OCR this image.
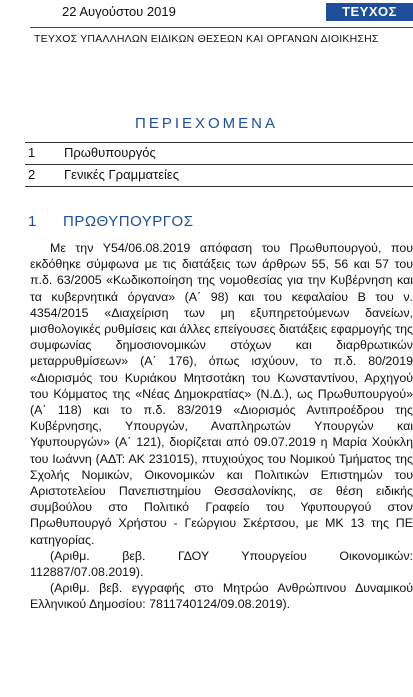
22 Αυγούστου 2019	ΤΕΥΧΟΣ
ΤΕΥΧΟΣ ΥΠΑΛΛΗΛΩΝ ΕΙΔΙΚΩΝ ΘΕΣΕΩΝ ΚΑΙ ΟΡΓΑΝΩΝ ΔΙΟΙΚΗΣΗΣ
ΠΕΡΙΕΧΟΜΕΝΑ
1 Πρωθυπουργός
2 Γενικές Γραμματείες
1 ΠΡΩΘΥΠΟΥΡΓΟΣ

Με την Υ54/06.08.2019 απόφαση του Πρωθυπουργού, που εκδόθηκε σύμφωνα με τις διατάξεις των άρθρων 55, 56 και 57 του π.δ. 63/2005 «Κωδικοποίηση της νομοθεσίας για την Κυβέρνηση και τα κυβερνητικά όργανα» (Α΄ 98) και του κεφαλαίου Β του ν. 4354/2015 «Διαχείριση των μη εξυπηρετούμενων δανείων, μισθολογικές ρυθμίσεις και άλλες επείγουσες διατάξεις εφαρμογής της συμφωνίας δημοσιονομικών στόχων και διαρθρωτικών μεταρρυθμίσεων» (Α΄ 176), όπως ισχύουν, το π.δ. 80/2019 «Διορισμός του Κυριάκου Μητσοτάκη του Κωνσταντίνου, Αρχηγού του Κόμματος της «Νέας Δημοκρατίας» (Ν.Δ.), ως Πρωθυπουργού» (Α΄ 118) και το π.δ. 83/2019 «Διορισμός Αντιπροέδρου της Κυβέρνησης, Υπουργών, Αναπληρωτών Υπουργών και Υφυπουργών» (Α΄ 121), διορίζεται από 09.07.2019 η Μαρία Χούκλη του Ιωάννη (ΑΔΤ: ΑΚ 231015), πτυχιούχος του Νομικού Τμήματος της Σχολής Νομικών, Οικονομικών και Πολιτικών Επιστημών του Αριστοτελείου Πανεπιστημίου Θεσσαλονίκης, σε θέση ειδικής συμβούλου στο Πολιτικό Γραφείο του Υφυπουργού στον Πρωθυπουργό Χρήστου - Γεώργιου Σκέρτσου, με ΜΚ 13 της ΠΕ κατηγορίας.

(Αριθμ. βεβ. ΓΔΟΥ Υπουργείου Οικονομικών: 112887/07.08.2019).

(Αριθμ. βεβ. εγγραφής στο Μητρώο Ανθρώπινου Δυναμικού Ελληνικού Δημοσίου: 7811740124/09.08.2019).
